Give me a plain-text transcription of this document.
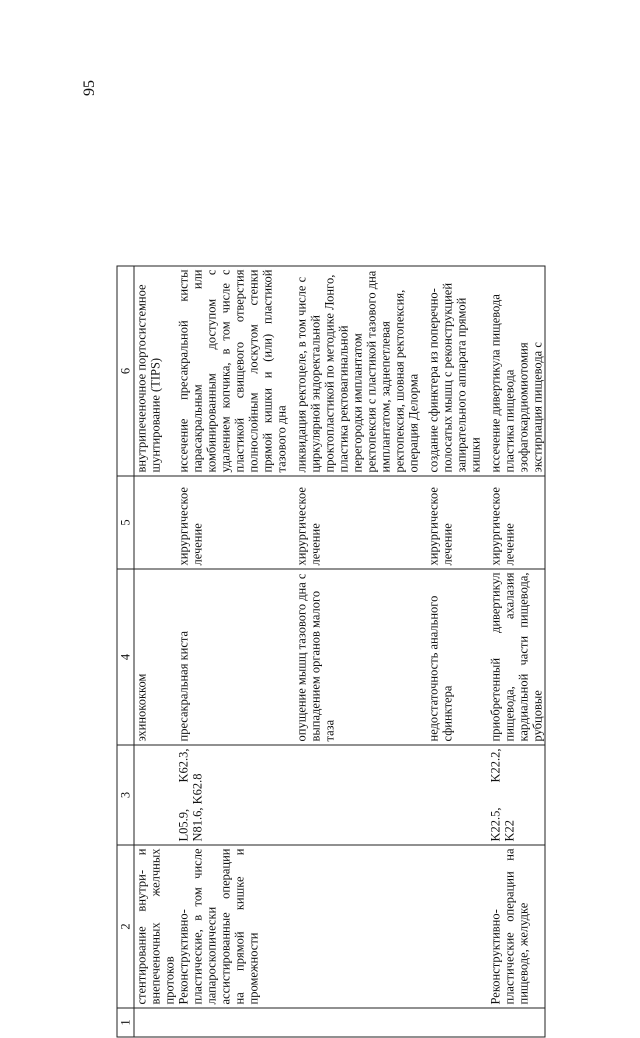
95
1	2	3	4	5	6
	стентирование внутри- и внепеченочных желчных протоков		эхинококком		внутрипеченочное портосистемное шунтирование (TIPS)
	Реконструктивно-пластические, в том числе лапароскопически ассистированные операции на прямой кишке и промежности	L05.9, K62.3, N81.6, K62.8	пресакральная киста	хирургическое лечение	иссечение пресакральной кисты парасакральным или комбинированным доступом с удалением копчика, в том числе с пластикой свищевого отверстия полнослойным лоскутом стенки прямой кишки и (или) пластикой тазового дна
			опущение мышц тазового дна с выпадением органов малого таза	хирургическое лечение	ликвидация ректоцеле, в том числе с циркулярной эндоректальной проктопластикой по методике Лонго, пластика ректовагинальной перегородки имплантатом
ректопексия с пластикой тазового дна имплантатом, заднепетлевая ректопексия, шовная ректопексия, операция Делорма
			недостаточность анального сфинктера	хирургическое лечение	создание сфинктера из поперечно-полосатых мышц с реконструкцией запирательного аппарата прямой кишки
	Реконструктивно-пластические операции на пищеводе, желудке	K22.5, K22.2, K22	приобретенный дивертикул пищевода, ахалазия кардиальной части пищевода, рубцовые	хирургическое лечение	иссечение дивертикула пищевода
пластика пищевода
эзофагокардиомиотомия
экстирпация пищевода с
